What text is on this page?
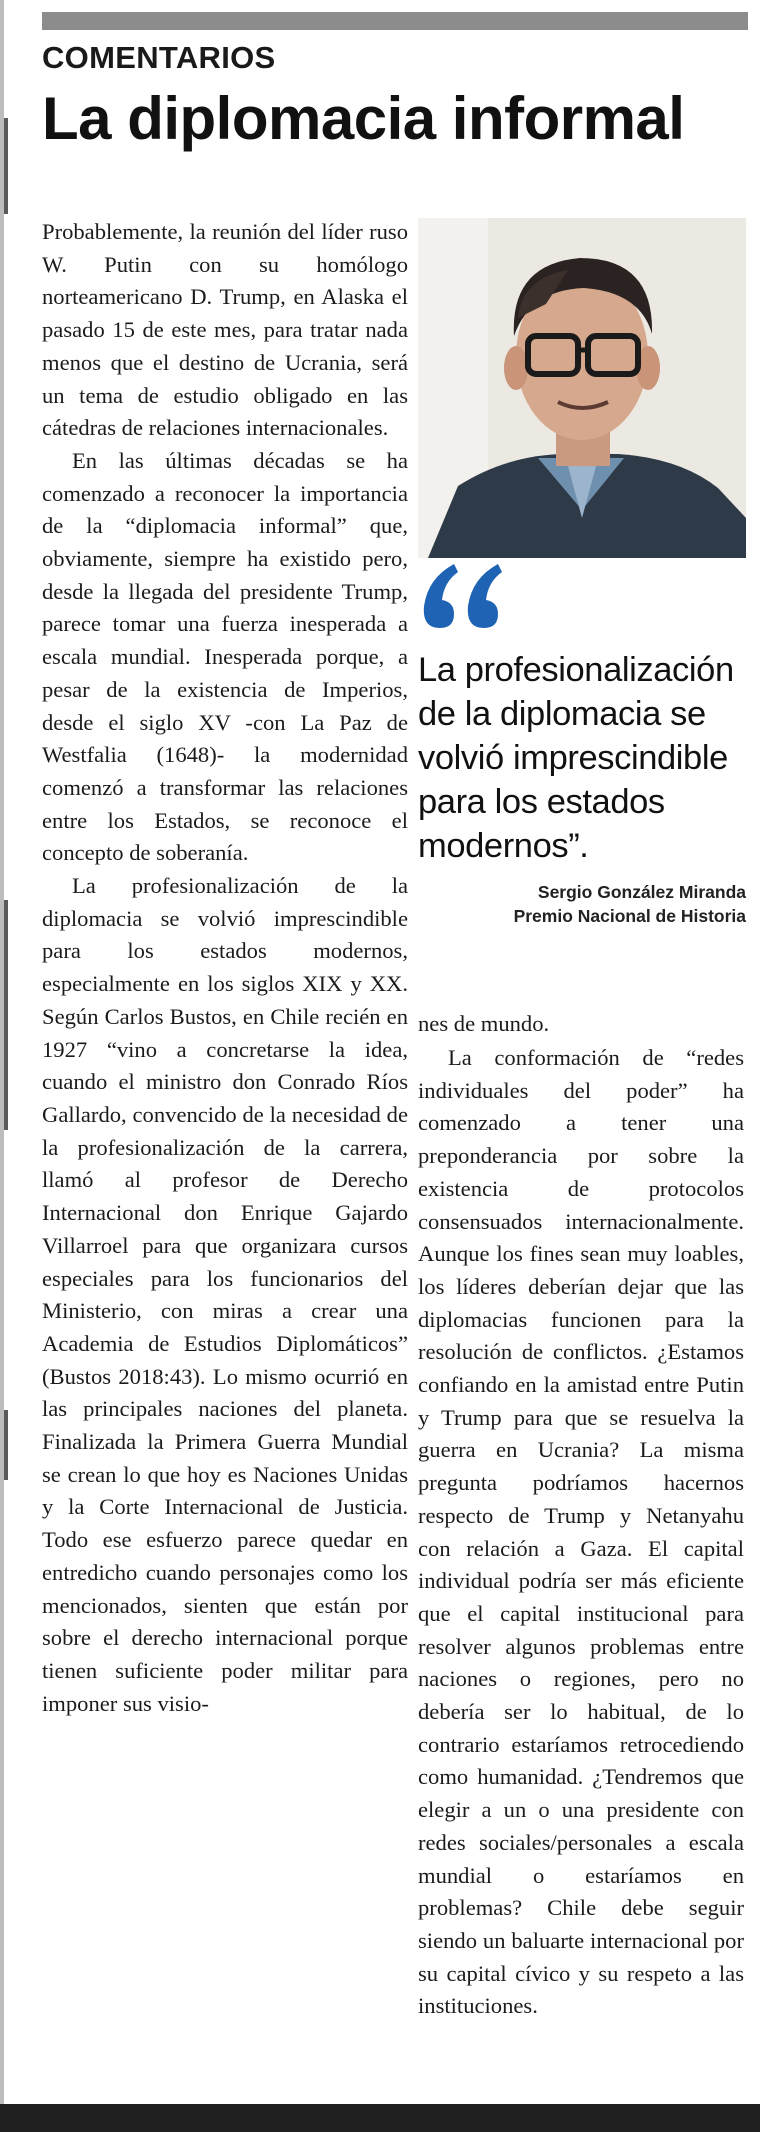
COMENTARIOS
La diplomacia informal

Probablemente, la reunión del líder ruso W. Putin con su homólogo norteamericano D. Trump, en Alaska el pasado 15 de este mes, para tratar nada menos que el destino de Ucrania, será un tema de estudio obligado en las cátedras de relaciones internacionales.

En las últimas décadas se ha comenzado a reconocer la importancia de la “diplomacia informal” que, obviamente, siempre ha existido pero, desde la llegada del presidente Trump, parece tomar una fuerza inesperada a escala mundial. Inesperada porque, a pesar de la existencia de Imperios, desde el siglo XV -con La Paz de Westfalia (1648)- la modernidad comenzó a transformar las relaciones entre los Estados, se reconoce el concepto de soberanía.

La profesionalización de la diplomacia se volvió imprescindible para los estados modernos, especialmente en los siglos XIX y XX. Según Carlos Bustos, en Chile recién en 1927 “vino a concretarse la idea, cuando el ministro don Conrado Ríos Gallardo, convencido de la necesidad de la profesionalización de la carrera, llamó al profesor de Derecho Internacional don Enrique Gajardo Villarroel para que organizara cursos especiales para los funcionarios del Ministerio, con miras a crear una Academia de Estudios Diplomáticos” (Bustos 2018:43). Lo mismo ocurrió en las principales naciones del planeta. Finalizada la Primera Guerra Mundial se crean lo que hoy es Naciones Unidas y la Corte Internacional de Justicia. Todo ese esfuerzo parece quedar en entredicho cuando personajes como los mencionados, sienten que están por sobre el derecho internacional porque tienen suficiente poder militar para imponer sus visio-

La profesionalización de la diplomacia se volvió imprescindible para los estados modernos”.
Sergio González Miranda
Premio Nacional de Historia

nes de mundo.

La conformación de “redes individuales del poder” ha comenzado a tener una preponderancia por sobre la existencia de protocolos consensuados internacionalmente. Aunque los fines sean muy loables, los líderes deberían dejar que las diplomacias funcionen para la resolución de conflictos. ¿Estamos confiando en la amistad entre Putin y Trump para que se resuelva la guerra en Ucrania? La misma pregunta podríamos hacernos respecto de Trump y Netanyahu con relación a Gaza. El capital individual podría ser más eficiente que el capital institucional para resolver algunos problemas entre naciones o regiones, pero no debería ser lo habitual, de lo contrario estaríamos retrocediendo como humanidad. ¿Tendremos que elegir a un o una presidente con redes sociales/personales a escala mundial o estaríamos en problemas? Chile debe seguir siendo un baluarte internacional por su capital cívico y su respeto a las instituciones.
